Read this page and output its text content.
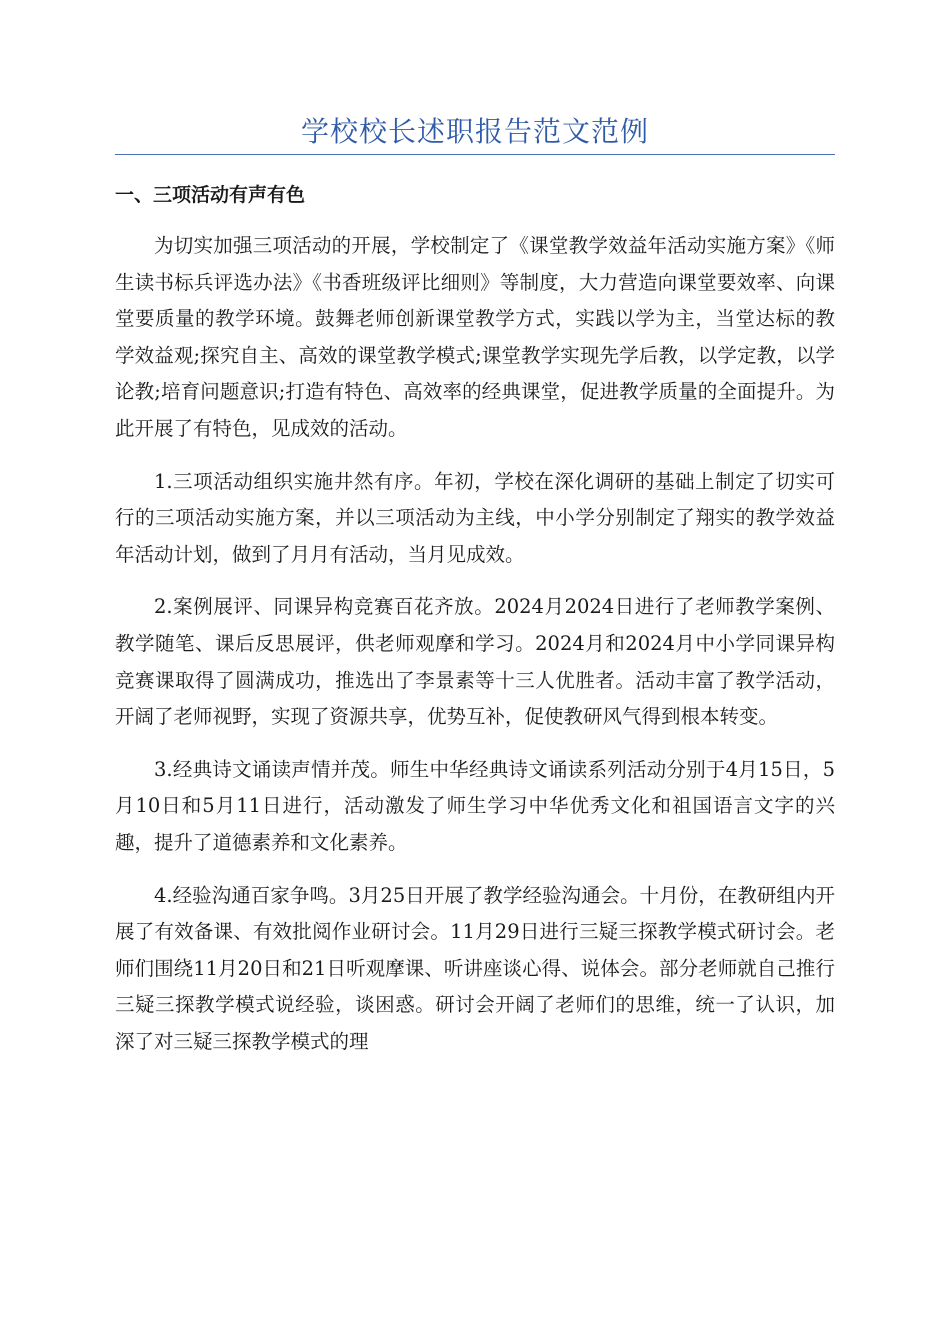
学校校长述职报告范文范例
一、三项活动有声有色

为切实加强三项活动的开展，学校制定了《课堂教学效益年活动实施方案》《师生读书标兵评选办法》《书香班级评比细则》等制度，大力营造向课堂要效率、向课堂要质量的教学环境。鼓舞老师创新课堂教学方式，实践以学为主，当堂达标的教学效益观;探究自主、高效的课堂教学模式;课堂教学实现先学后教，以学定教，以学论教;培育问题意识;打造有特色、高效率的经典课堂，促进教学质量的全面提升。为此开展了有特色，见成效的活动。

1.三项活动组织实施井然有序。年初，学校在深化调研的基础上制定了切实可行的三项活动实施方案，并以三项活动为主线，中小学分别制定了翔实的教学效益年活动计划，做到了月月有活动，当月见成效。

2.案例展评、同课异构竞赛百花齐放。2024月2024日进行了老师教学案例、教学随笔、课后反思展评，供老师观摩和学习。2024月和2024月中小学同课异构竞赛课取得了圆满成功，推选出了李景素等十三人优胜者。活动丰富了教学活动，开阔了老师视野，实现了资源共享，优势互补，促使教研风气得到根本转变。

3.经典诗文诵读声情并茂。师生中华经典诗文诵读系列活动分别于4月15日，5月10日和5月11日进行，活动激发了师生学习中华优秀文化和祖国语言文字的兴趣，提升了道德素养和文化素养。

4.经验沟通百家争鸣。3月25日开展了教学经验沟通会。十月份，在教研组内开展了有效备课、有效批阅作业研讨会。11月29日进行三疑三探教学模式研讨会。老师们围绕11月20日和21日听观摩课、听讲座谈心得、说体会。部分老师就自己推行三疑三探教学模式说经验，谈困惑。研讨会开阔了老师们的思维，统一了认识，加深了对三疑三探教学模式的理
